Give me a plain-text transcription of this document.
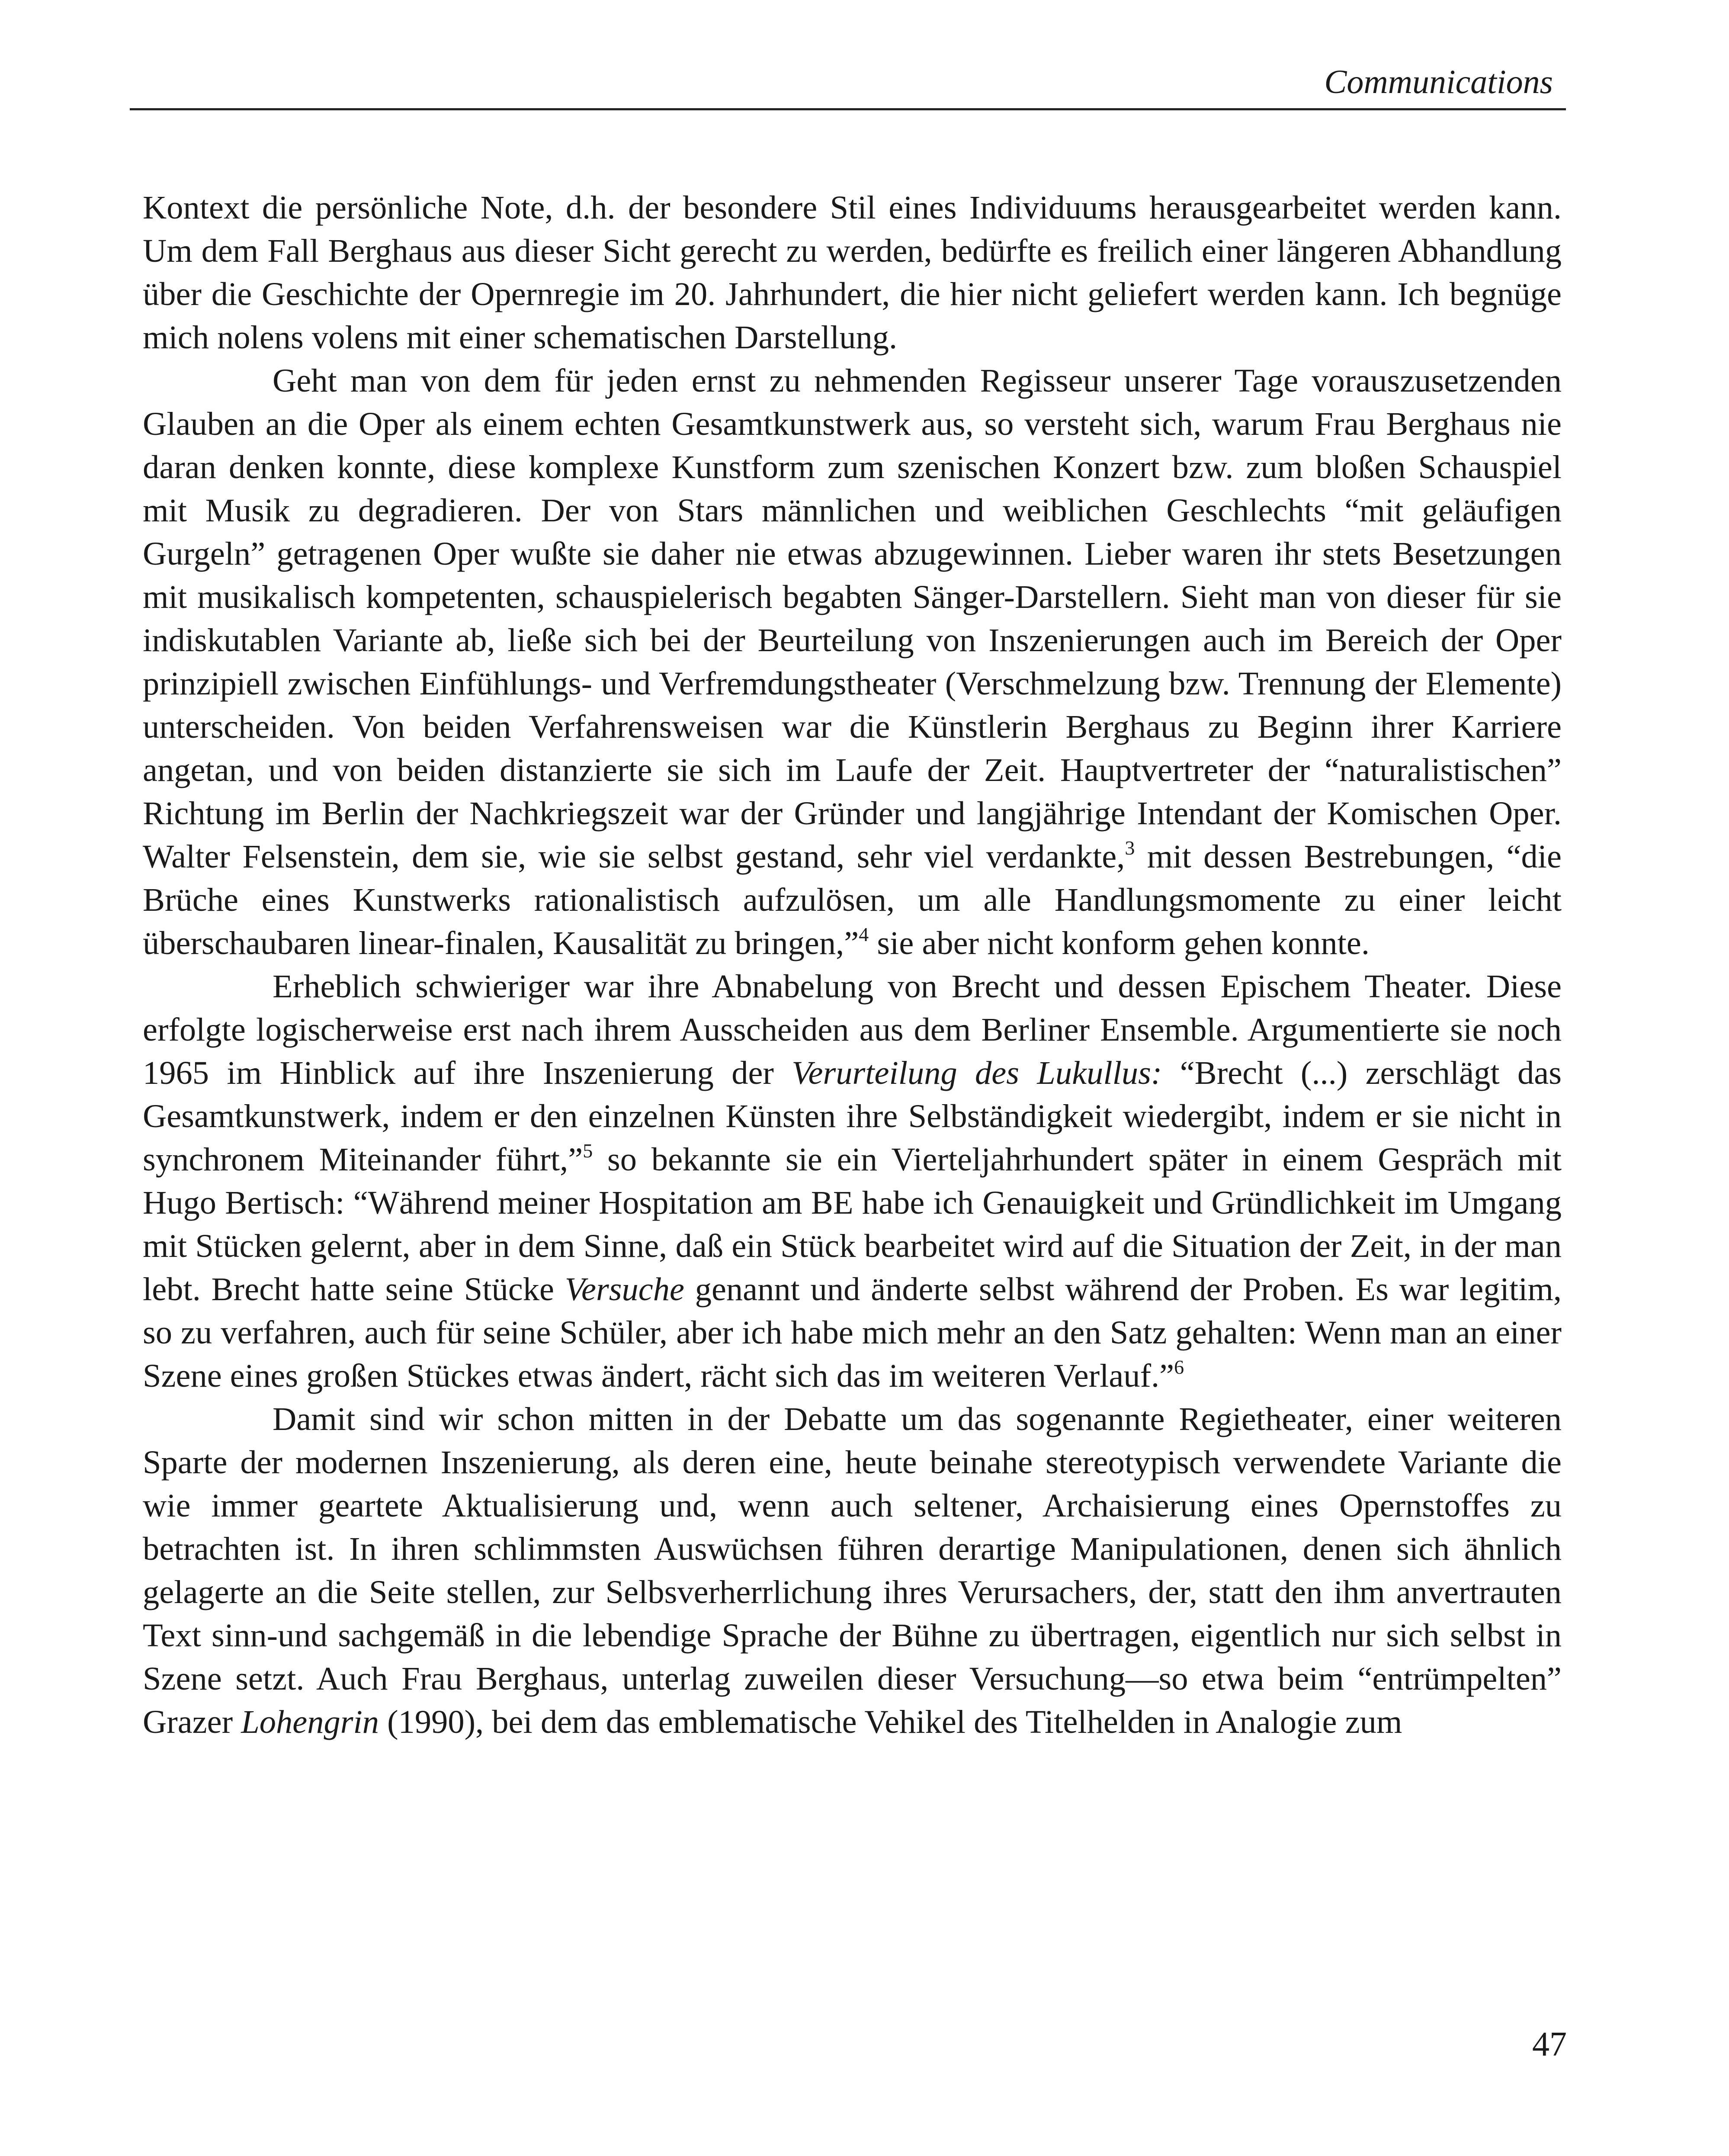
Communications

Kontext die persönliche Note, d.h. der besondere Stil eines Individuums herausgearbeitet werden kann. Um dem Fall Berghaus aus dieser Sicht gerecht zu werden, bedürfte es freilich einer längeren Abhandlung über die Geschichte der Opernregie im 20. Jahrhundert, die hier nicht geliefert werden kann. Ich begnüge mich nolens volens mit einer schematischen Darstellung.

Geht man von dem für jeden ernst zu nehmenden Regisseur unserer Tage vorauszusetzenden Glauben an die Oper als einem echten Gesamtkunstwerk aus, so versteht sich, warum Frau Berghaus nie daran denken konnte, diese komplexe Kunstform zum szenischen Konzert bzw. zum bloßen Schauspiel mit Musik zu degradieren. Der von Stars männlichen und weiblichen Geschlechts “mit geläufigen Gurgeln” getragenen Oper wußte sie daher nie etwas abzugewinnen. Lieber waren ihr stets Besetzungen mit musikalisch kompetenten, schauspielerisch begabten Sänger-Darstellern. Sieht man von dieser für sie indiskutablen Variante ab, ließe sich bei der Beurteilung von Inszenierungen auch im Bereich der Oper prinzipiell zwischen Einfühlungs- und Verfremdungstheater (Verschmelzung bzw. Trennung der Elemente) unterscheiden. Von beiden Verfahrensweisen war die Künstlerin Berghaus zu Beginn ihrer Karriere angetan, und von beiden distanzierte sie sich im Laufe der Zeit. Hauptvertreter der “naturalistischen” Richtung im Berlin der Nachkriegszeit war der Gründer und langjährige Intendant der Komischen Oper. Walter Felsenstein, dem sie, wie sie selbst gestand, sehr viel verdankte,$^3$ mit dessen Bestrebungen, “die Brüche eines Kunstwerks rationalistisch aufzulösen, um alle Handlungsmomente zu einer leicht überschaubaren linear-finalen, Kausalität zu bringen,”$^4$ sie aber nicht konform gehen konnte.

Erheblich schwieriger war ihre Abnabelung von Brecht und dessen Epischem Theater. Diese erfolgte logischerweise erst nach ihrem Ausscheiden aus dem Berliner Ensemble. Argumentierte sie noch 1965 im Hinblick auf ihre Inszenierung der Verurteilung des Lukullus: “Brecht (...) zerschlägt das Gesamtkunstwerk, indem er den einzelnen Künsten ihre Selbständigkeit wiedergibt, indem er sie nicht in synchronem Miteinander führt,”$^5$ so bekannte sie ein Vierteljahrhundert später in einem Gespräch mit Hugo Bertisch: “Während meiner Hospitation am BE habe ich Genauigkeit und Gründlichkeit im Umgang mit Stücken gelernt, aber in dem Sinne, daß ein Stück bearbeitet wird auf die Situation der Zeit, in der man lebt. Brecht hatte seine Stücke Versuche genannt und änderte selbst während der Proben. Es war legitim, so zu verfahren, auch für seine Schüler, aber ich habe mich mehr an den Satz gehalten: Wenn man an einer Szene eines großen Stückes etwas ändert, rächt sich das im weiteren Verlauf.”$^6$

Damit sind wir schon mitten in der Debatte um das sogenannte Regietheater, einer weiteren Sparte der modernen Inszenierung, als deren eine, heute beinahe stereotypisch verwendete Variante die wie immer geartete Aktualisierung und, wenn auch seltener, Archaisierung eines Opernstoffes zu betrachten ist. In ihren schlimmsten Auswüchsen führen derartige Manipulationen, denen sich ähnlich gelagerte an die Seite stellen, zur Selbsverherrlichung ihres Verursachers, der, statt den ihm anvertrauten Text sinn-und sachgemäß in die lebendige Sprache der Bühne zu übertragen, eigentlich nur sich selbst in Szene setzt. Auch Frau Berghaus, unterlag zuweilen dieser Versuchung—so etwa beim “entrümpelten” Grazer Lohengrin (1990), bei dem das emblematische Vehikel des Titelhelden in Analogie zum

47
